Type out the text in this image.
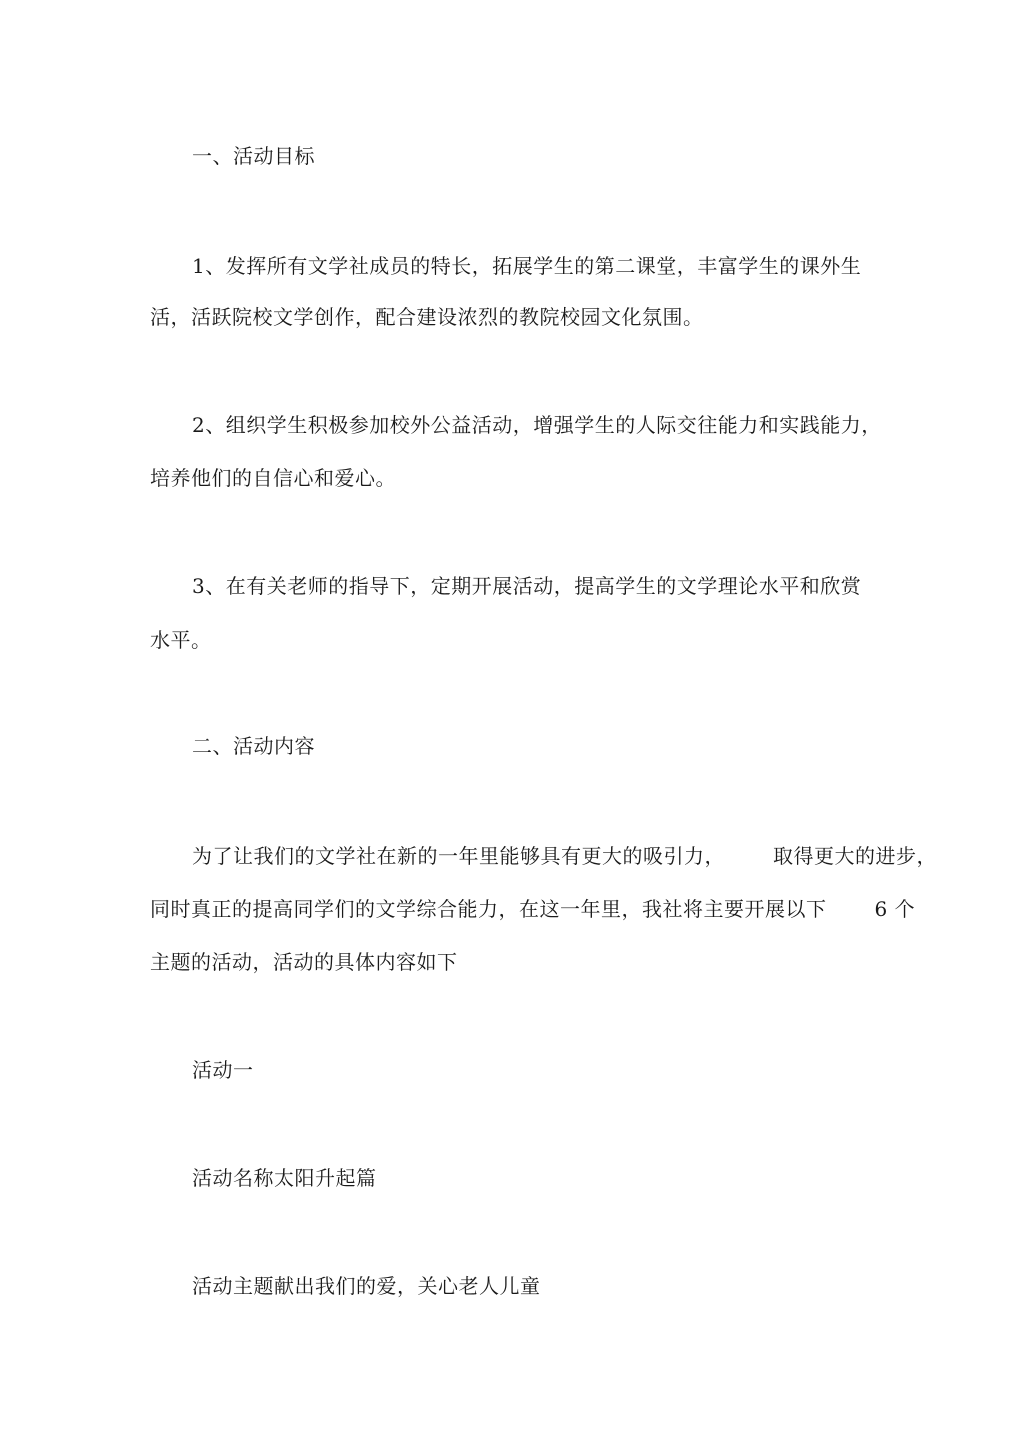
一、活动目标
1、发挥所有文学社成员的特长，拓展学生的第二课堂，丰富学生的课外生
活，活跃院校文学创作，配合建设浓烈的教院校园文化氛围。
2、组织学生积极参加校外公益活动，增强学生的人际交往能力和实践能力，
培养他们的自信心和爱心。
3、在有关老师的指导下，定期开展活动，提高学生的文学理论水平和欣赏
水平。
二、活动内容
为了让我们的文学社在新的一年里能够具有更大的吸引力， 取得更大的进步，
同时真正的提高同学们的文学综合能力，在这一年里，我社将主要开展以下 6 个
主题的活动，活动的具体内容如下
活动一
活动名称太阳升起篇
活动主题献出我们的爱，关心老人儿童
